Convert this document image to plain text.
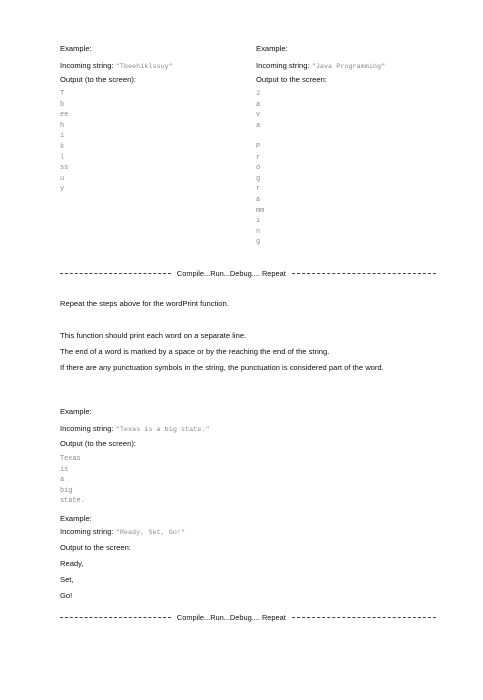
Example:
Incoming string: "Tbeehiklssuy"
Output (to the screen):
T
b
ee
h
i
k
l
ss
u
y
Example:
Incoming string: "Java Programming"
Output to the screen:
J
a
v
a
P
r
o
g
r
a
mm
i
n
g
Compile...Run...Debug.... Repeat
Repeat the steps above for the wordPrint function.
This function should print each word on a separate line.
The end of a word is marked by a space or by the reaching the end of the string.
If there are any punctuation symbols in the string, the punctuation is considered part of the word.
Example:
Incoming string: "Texas is a big state."
Output (to the screen):
Texas
is
a
big
state.
Example:
Incoming string: "Ready, Set, Go!"
Output to the screen:
Ready,
Set,
Go!
Compile...Run...Debug.... Repeat
